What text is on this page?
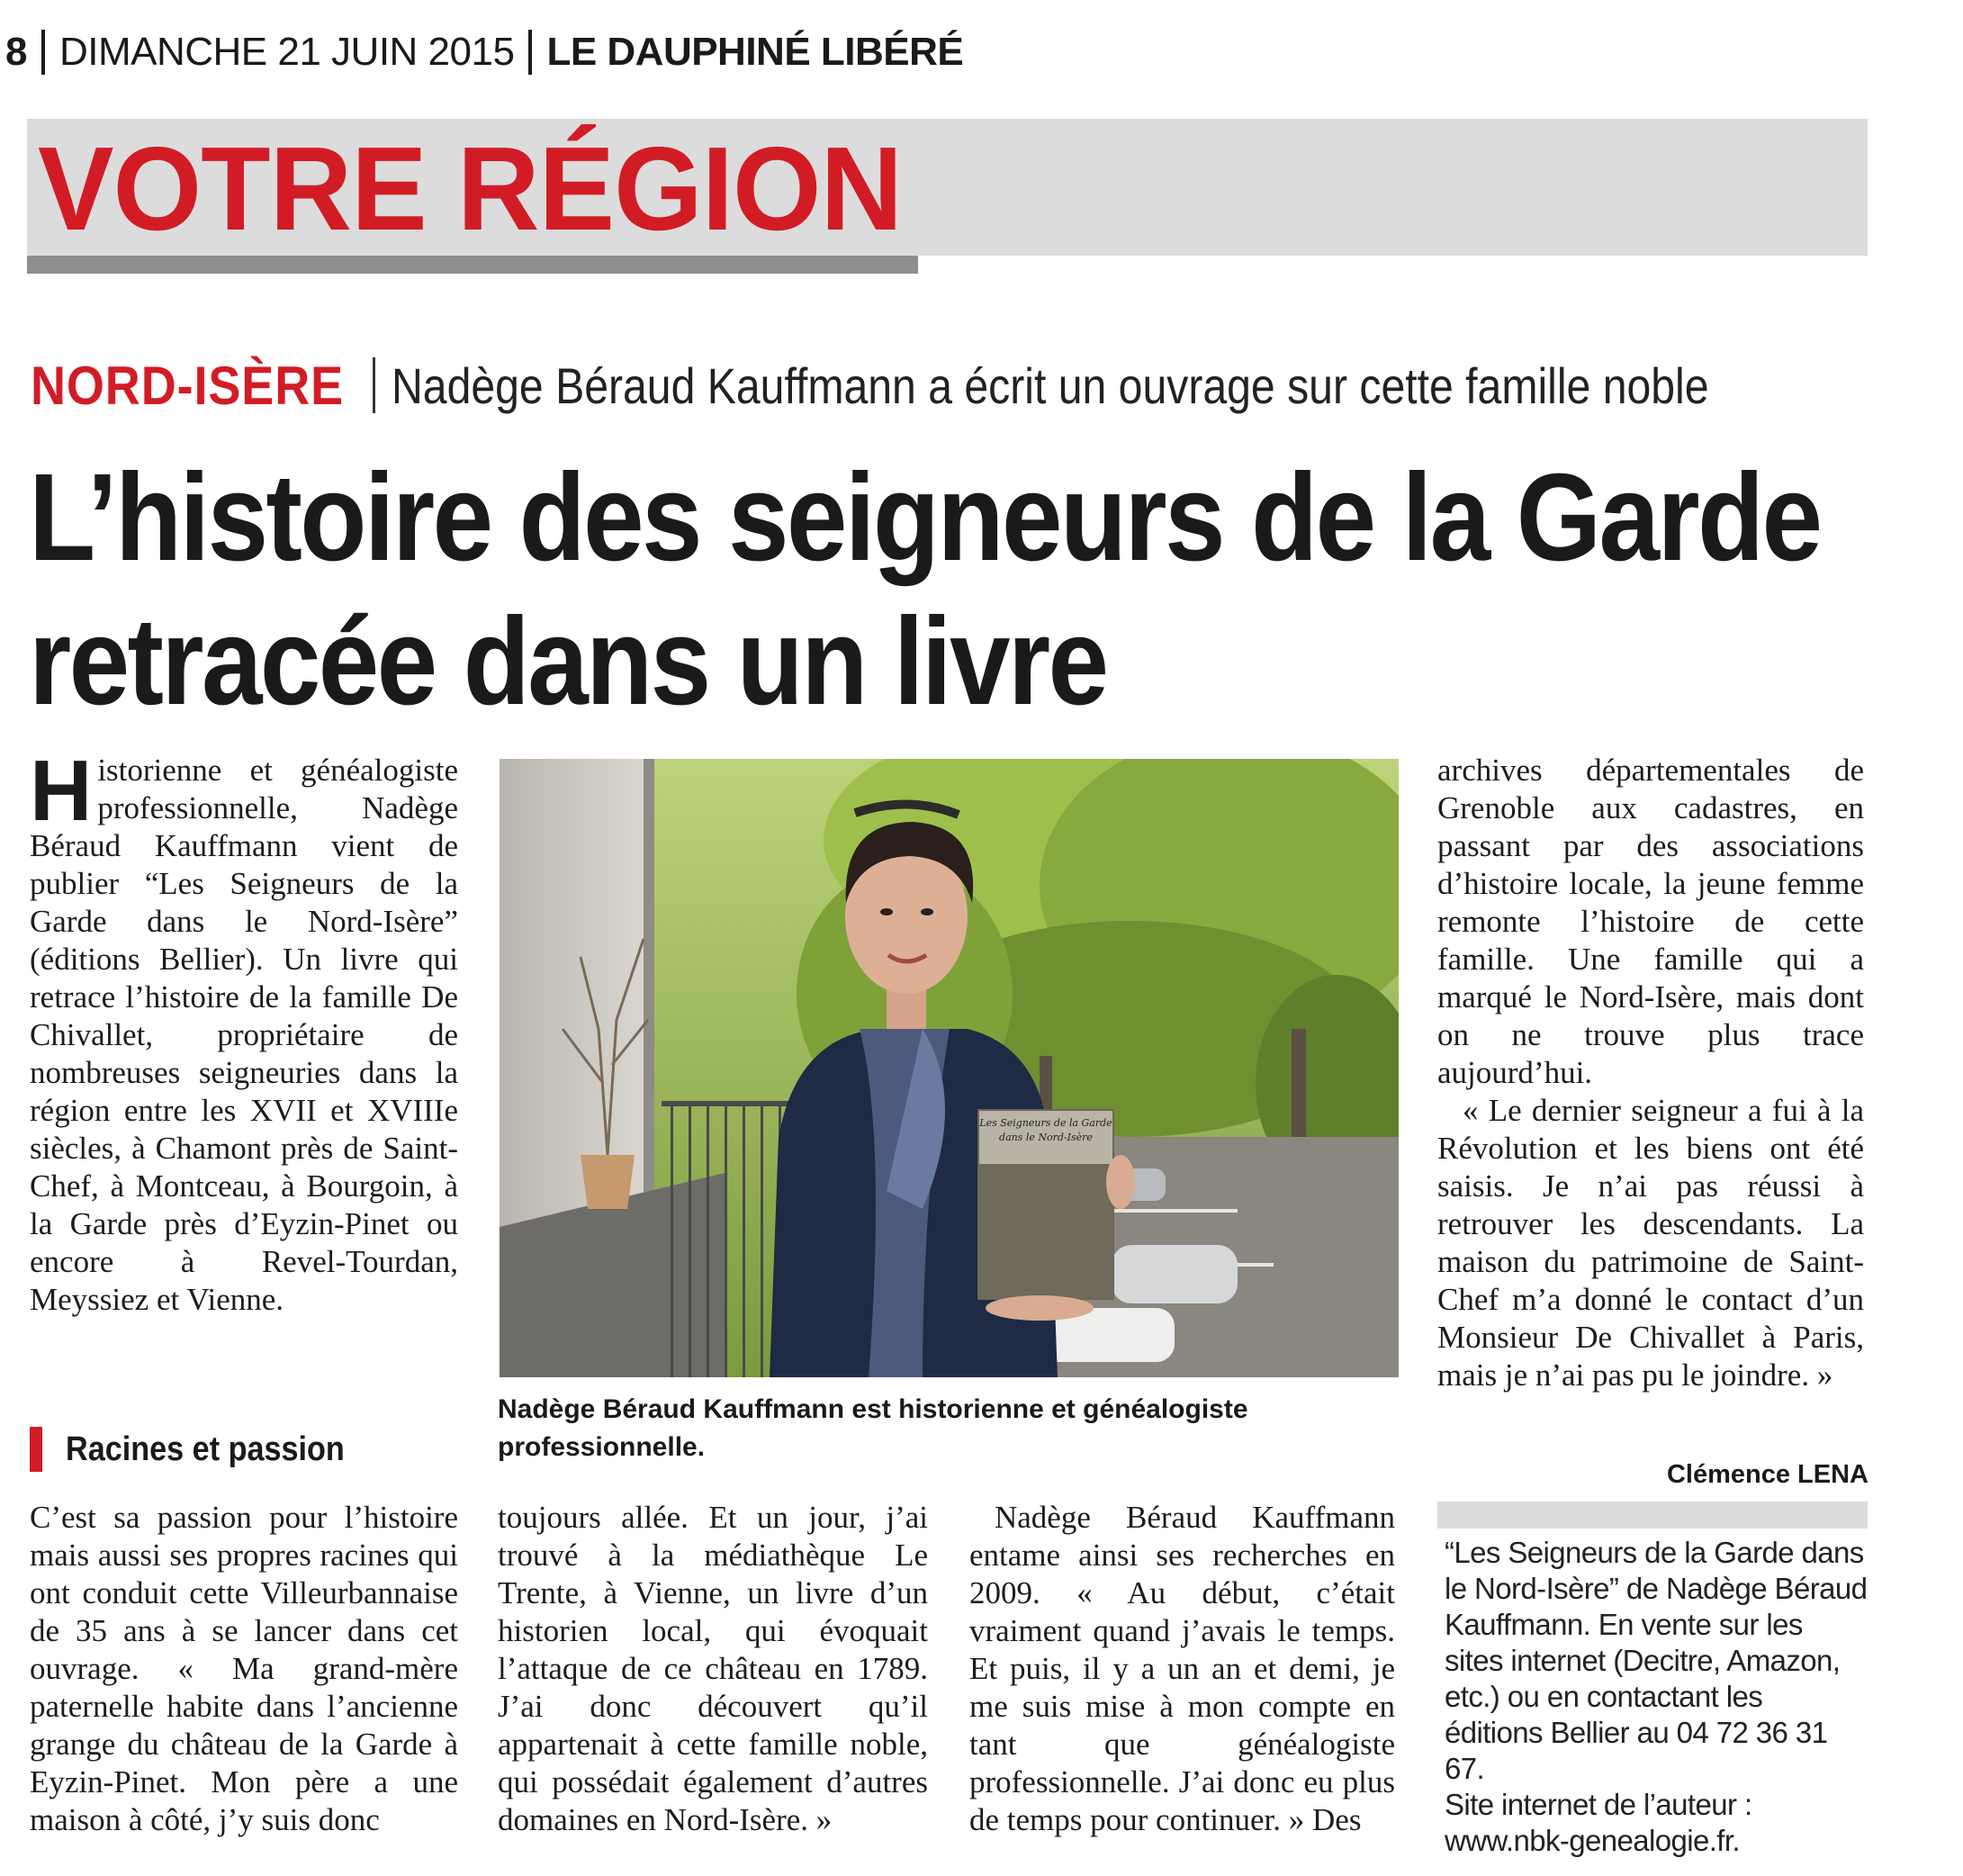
8 DIMANCHE 21 JUIN 2015 LE DAUPHINÉ LIBÉRÉ
VOTRE RÉGION
NORD-ISÈRE Nadège Béraud Kauffmann a écrit un ouvrage sur cette famille noble
L’histoire des seigneurs de la Garde
retracée dans un livre
H istorienne et généalogiste professionnelle, Nadège Béraud Kauffmann vient de publier “Les Seigneurs de la Garde dans le Nord-Isère” (éditions Bellier). Un livre qui retrace l’histoire de la famille De Chivallet, propriétaire de nombreuses seigneuries dans la région entre les XVII et XVIIIe siècles, à Chamont près de Saint-Chef, à Montceau, à Bourgoin, à la Garde près d’Eyzin-Pinet ou encore à Revel-Tourdan, Meyssiez et Vienne.

Racines et passion

C’est sa passion pour l’histoire mais aussi ses propres racines qui ont conduit cette Villeurbannaise de 35 ans à se lancer dans cet ouvrage. « Ma grand-mère paternelle habite dans l’ancienne grange du château de la Garde à Eyzin-Pinet. Mon père a une maison à côté, j’y suis donc

Les Seigneurs de la Garde
dans le Nord-Isère
Nadège Béraud Kauffmann est historienne et généalogiste professionnelle.

toujours allée. Et un jour, j’ai trouvé à la médiathèque Le Trente, à Vienne, un livre d’un historien local, qui évoquait l’attaque de ce château en 1789. J’ai donc découvert qu’il appartenait à cette famille noble, qui possédait également d’autres domaines en Nord-Isère. »

Nadège Béraud Kauffmann entame ainsi ses recherches en 2009. « Au début, c’était vraiment quand j’avais le temps. Et puis, il y a un an et demi, je me suis mise à mon compte en tant que généalogiste professionnelle. J’ai donc eu plus de temps pour continuer. » Des

archives départementales de Grenoble aux cadastres, en passant par des associations d’histoire locale, la jeune femme remonte l’histoire de cette famille. Une famille qui a marqué le Nord-Isère, mais dont on ne trouve plus trace aujourd’hui.

« Le dernier seigneur a fui à la Révolution et les biens ont été saisis. Je n’ai pas réussi à retrouver les descendants. La maison du patrimoine de Saint-Chef m’a donné le contact d’un Monsieur De Chivallet à Paris, mais je n’ai pas pu le joindre. »

Clémence LENA

“Les Seigneurs de la Garde dans le Nord-Isère” de Nadège Béraud Kauffmann. En vente sur les sites internet (Decitre, Amazon, etc.) ou en contactant les éditions Bellier au 04 72 36 31 67.

Site internet de l’auteur : www.nbk-genealogie.fr.
